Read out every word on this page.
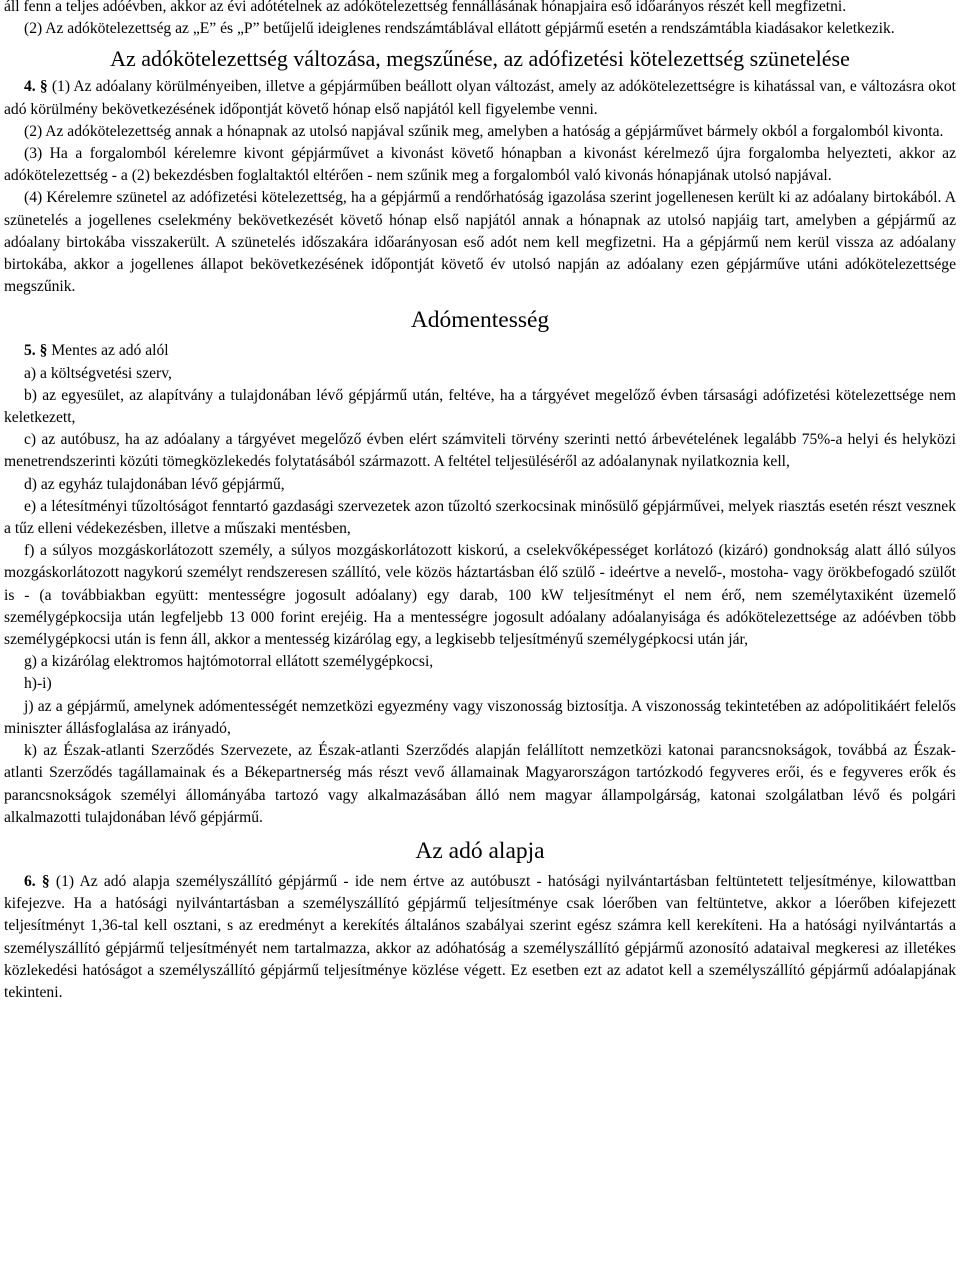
áll fenn a teljes adóévben, akkor az évi adótételnek az adókötelezettség fennállásának hónapjaira eső időarányos részét kell megfizetni.

(2) Az adókötelezettség az „E” és „P” betűjelű ideiglenes rendszámtáblával ellátott gépjármű esetén a rendszámtábla kiadásakor keletkezik.

Az adókötelezettség változása, megszűnése, az adófizetési kötelezettség szünetelése

4. § (1) Az adóalany körülményeiben, illetve a gépjárműben beállott olyan változást, amely az adókötelezettségre is kihatással van, e változásra okot adó körülmény bekövetkezésének időpontját követő hónap első napjától kell figyelembe venni.

(2) Az adókötelezettség annak a hónapnak az utolsó napjával szűnik meg, amelyben a hatóság a gépjárművet bármely okból a forgalomból kivonta.

(3) Ha a forgalomból kérelemre kivont gépjárművet a kivonást követő hónapban a kivonást kérelmező újra forgalomba helyezteti, akkor az adókötelezettség - a (2) bekezdésben foglaltaktól eltérően - nem szűnik meg a forgalomból való kivonás hónapjának utolsó napjával.

(4) Kérelemre szünetel az adófizetési kötelezettség, ha a gépjármű a rendőrhatóság igazolása szerint jogellenesen került ki az adóalany birtokából. A szünetelés a jogellenes cselekmény bekövetkezését követő hónap első napjától annak a hónapnak az utolsó napjáig tart, amelyben a gépjármű az adóalany birtokába visszakerült. A szünetelés időszakára időarányosan eső adót nem kell megfizetni. Ha a gépjármű nem kerül vissza az adóalany birtokába, akkor a jogellenes állapot bekövetkezésének időpontját követő év utolsó napján az adóalany ezen gépjárműve utáni adókötelezettsége megszűnik.

Adómentesség

5. § Mentes az adó alól

a) a költségvetési szerv,

b) az egyesület, az alapítvány a tulajdonában lévő gépjármű után, feltéve, ha a tárgyévet megelőző évben társasági adófizetési kötelezettsége nem keletkezett,

c) az autóbusz, ha az adóalany a tárgyévet megelőző évben elért számviteli törvény szerinti nettó árbevételének legalább 75%-a helyi és helyközi menetrendszerinti közúti tömegközlekedés folytatásából származott. A feltétel teljesüléséről az adóalanynak nyilatkoznia kell,

d) az egyház tulajdonában lévő gépjármű,

e) a létesítményi tűzoltóságot fenntartó gazdasági szervezetek azon tűzoltó szerkocsinak minősülő gépjárművei, melyek riasztás esetén részt vesznek a tűz elleni védekezésben, illetve a műszaki mentésben,

f) a súlyos mozgáskorlátozott személy, a súlyos mozgáskorlátozott kiskorú, a cselekvőképességet korlátozó (kizáró) gondnokság alatt álló súlyos mozgáskorlátozott nagykorú személyt rendszeresen szállító, vele közös háztartásban élő szülő - ideértve a nevelő-, mostoha- vagy örökbefogadó szülőt is - (a továbbiakban együtt: mentességre jogosult adóalany) egy darab, 100 kW teljesítményt el nem érő, nem személytaxiként üzemelő személygépkocsija után legfeljebb 13 000 forint erejéig. Ha a mentességre jogosult adóalany adóalanyisága és adókötelezettsége az adóévben több személygépkocsi után is fenn áll, akkor a mentesség kizárólag egy, a legkisebb teljesítményű személygépkocsi után jár,

g) a kizárólag elektromos hajtómotorral ellátott személygépkocsi,

h)-i)

j) az a gépjármű, amelynek adómentességét nemzetközi egyezmény vagy viszonosság biztosítja. A viszonosság tekintetében az adópolitikáért felelős miniszter állásfoglalása az irányadó,

k) az Észak-atlanti Szerződés Szervezete, az Észak-atlanti Szerződés alapján felállított nemzetközi katonai parancsnokságok, továbbá az Észak-atlanti Szerződés tagállamainak és a Békepartnerség más részt vevő államainak Magyarországon tartózkodó fegyveres erői, és e fegyveres erők és parancsnokságok személyi állományába tartozó vagy alkalmazásában álló nem magyar állampolgárság, katonai szolgálatban lévő és polgári alkalmazotti tulajdonában lévő gépjármű.

Az adó alapja

6. § (1) Az adó alapja személyszállító gépjármű - ide nem értve az autóbuszt - hatósági nyilvántartásban feltüntetett teljesítménye, kilowattban kifejezve. Ha a hatósági nyilvántartásban a személyszállító gépjármű teljesítménye csak lóerőben van feltüntetve, akkor a lóerőben kifejezett teljesítményt 1,36-tal kell osztani, s az eredményt a kerekítés általános szabályai szerint egész számra kell kerekíteni. Ha a hatósági nyilvántartás a személyszállító gépjármű teljesítményét nem tartalmazza, akkor az adóhatóság a személyszállító gépjármű azonosító adataival megkeresi az illetékes közlekedési hatóságot a személyszállító gépjármű teljesítménye közlése végett. Ez esetben ezt az adatot kell a személyszállító gépjármű adóalapjának tekinteni.
